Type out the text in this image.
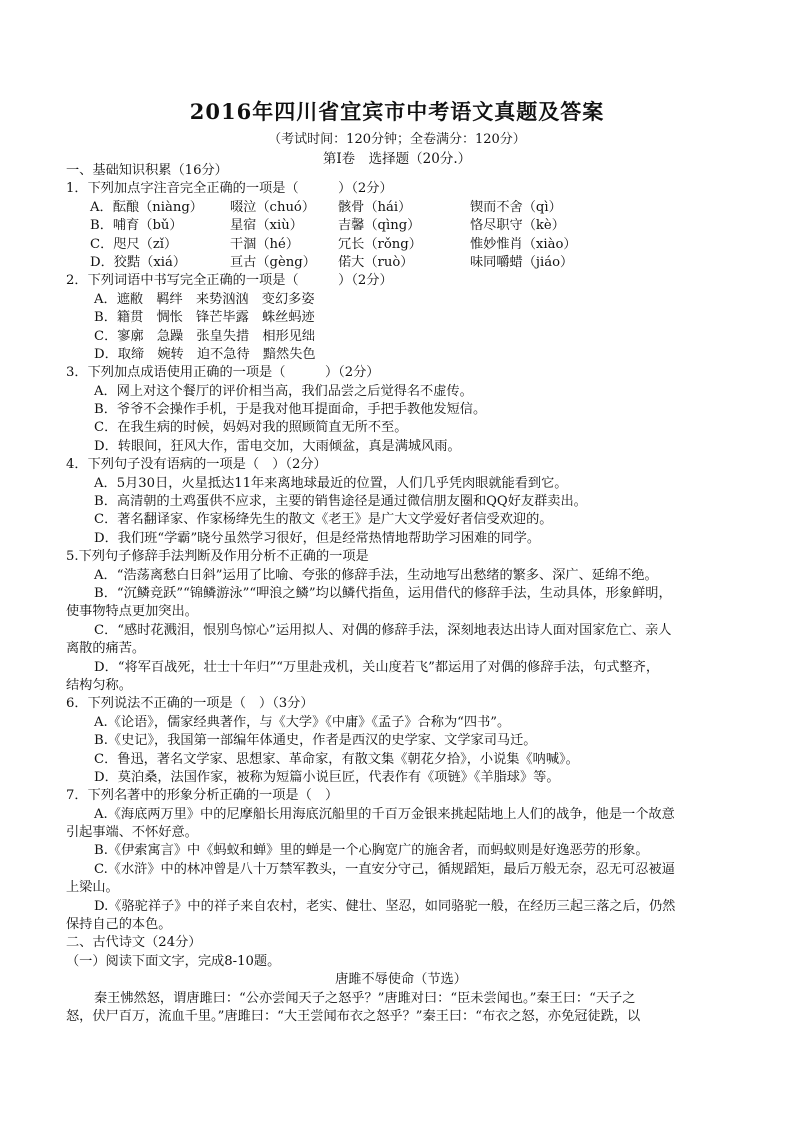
2016年四川省宜宾市中考语文真题及答案
（考试时间：120分钟；全卷满分：120分）
第Ⅰ卷　选择题（20分.）
一、基础知识积累（16分）
1．下列加点字注音完全正确的一项是（　　　）（2分）
A．酝酿（niàng） 啜泣（chuó） 骸骨（hái）	锲而不舍（qì）
B．哺育（bǔ）	星宿（xiù）	吉馨（qìng）	恪尽职守（kè）
C．咫尺（zǐ）	干涸（hé）	冗长（rǒng）	惟妙惟肖（xiào）
D．狡黠（xiá）	亘古（gèng） 偌大（ruò）	味同嚼蜡（jiáo）
2．下列词语中书写完全正确的一项是（　　　）（2分）
A．遮敝　羁绊　来势汹汹　变幻多姿
B．籍贯　惆怅　锋芒毕露　蛛丝蚂迹
C．寥廓　急躁　张皇失措　相形见绌
D．取缔　婉转　迫不急待　黯然失色
3．下列加点成语使用正确的一项是（　　　）（2分）
A．网上对这个餐厅的评价相当高，我们品尝之后觉得名不虚传。
B．爷爷不会操作手机，于是我对他耳提面命，手把手教他发短信。
C．在我生病的时候，妈妈对我的照顾简直无所不至。
D．转眼间，狂风大作，雷电交加，大雨倾盆，真是满城风雨。
4．下列句子没有语病的一项是（　）（2分）
A．5月30日，火星抵达11年来离地球最近的位置，人们几乎凭肉眼就能看到它。
B．高清朝的土鸡蛋供不应求，主要的销售途径是通过微信朋友圈和QQ好友群卖出。
C．著名翻译家、作家杨绛先生的散文《老王》是广大文学爱好者信受欢迎的。
D．我们班“学霸”晓兮虽然学习很好，但是经常热情地帮助学习困难的同学。
5.下列句子修辞手法判断及作用分析不正确的一项是
A．“浩荡离愁白日斜”运用了比喻、夸张的修辞手法，生动地写出愁绪的繁多、深广、延绵不绝。
B．“沉鳞竞跃”“锦鳞游泳”“呷浪之鳞”均以鳞代指鱼，运用借代的修辞手法，生动具体，形象鲜明，
使事物特点更加突出。
C．“感时花溅泪，恨别鸟惊心”运用拟人、对偶的修辞手法，深刻地表达出诗人面对国家危亡、亲人
离散的痛苦。
D．“将军百战死，壮士十年归”“万里赴戎机，关山度若飞”都运用了对偶的修辞手法，句式整齐，
结构匀称。
6．下列说法不正确的一项是（　）（3分）
A.《论语》，儒家经典著作，与《大学》《中庸》《孟子》合称为“四书”。
B.《史记》，我国第一部编年体通史，作者是西汉的史学家、文学家司马迁。
C．鲁迅，著名文学家、思想家、革命家，有散文集《朝花夕拾》，小说集《呐喊》。
D．莫泊桑，法国作家，被称为短篇小说巨匠，代表作有《项链》《羊脂球》等。
7．下列名著中的形象分析正确的一项是（　）
A.《海底两万里》中的尼摩船长用海底沉船里的千百万金银来挑起陆地上人们的战争，他是一个故意
引起事端、不怀好意。
B.《伊索寓言》中《蚂蚁和蝉》里的蝉是一个心胸宽广的施舍者，而蚂蚁则是好逸恶劳的形象。
C.《水浒》中的林冲曾是八十万禁军教头，一直安分守己，循规蹈矩，最后万般无奈，忍无可忍被逼
上梁山。
D.《骆驼祥子》中的祥子来自农村，老实、健壮、坚忍，如同骆驼一般，在经历三起三落之后，仍然
保持自己的本色。
二、古代诗文（24分）
（一）阅读下面文字，完成8-10题。
唐雎不辱使命（节选）
秦王怫然怒，谓唐雎曰：“公亦尝闻天子之怒乎？”唐雎对曰：“臣未尝闻也。”秦王曰：“天子之
怒，伏尸百万，流血千里。”唐雎曰：“大王尝闻布衣之怒乎？”秦王曰：“布衣之怒，亦免冠徒跣，以
